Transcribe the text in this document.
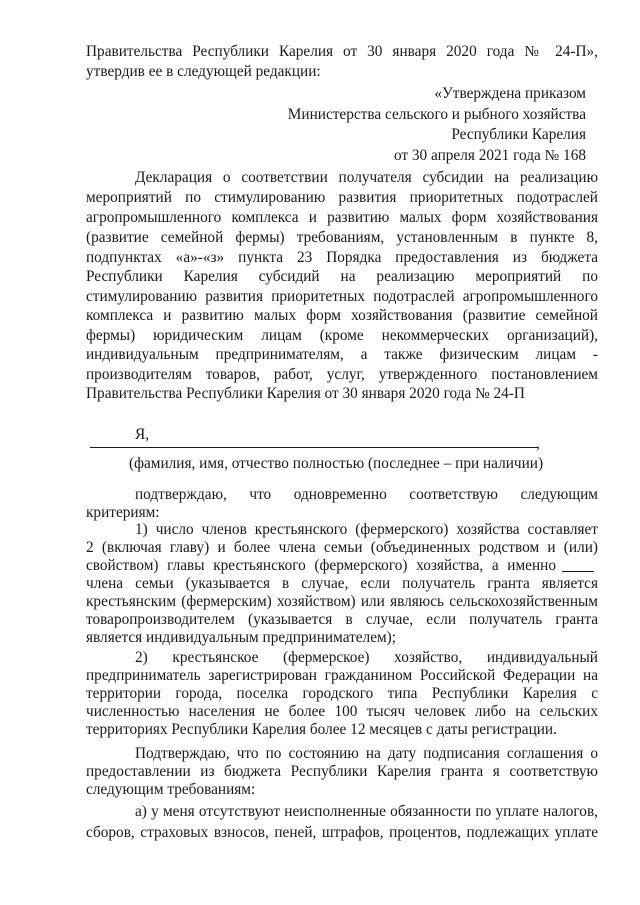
Правительства Республики Карелия от 30 января 2020 года № 24-П»,
утвердив ее в следующей редакции:
«Утверждена приказом
Министерства сельского и рыбного хозяйства
Республики Карелия
от 30 апреля 2021 года № 168
Декларация о соответствии получателя субсидии на реализацию
мероприятий по стимулированию развития приоритетных подотраслей
агропромышленного комплекса и развитию малых форм хозяйствования
(развитие семейной фермы) требованиям, установленным в пункте 8,
подпунктах «а»-«з» пункта 23 Порядка предоставления из бюджета
Республики Карелия субсидий на реализацию мероприятий по
стимулированию развития приоритетных подотраслей агропромышленного
комплекса и развитию малых форм хозяйствования (развитие семейной
фермы) юридическим лицам (кроме некоммерческих организаций),
индивидуальным предпринимателям, а также физическим лицам -
производителям товаров, работ, услуг, утвержденного постановлением
Правительства Республики Карелия от 30 января 2020 года № 24-П
Я,
,
(фамилия, имя, отчество полностью (последнее – при наличии)
подтверждаю, что одновременно соответствую следующим
критериям:
1) число членов крестьянского (фермерского) хозяйства составляет
2 (включая главу) и более члена семьи (объединенных родством и (или)
свойством) главы крестьянского (фермерского) хозяйства, а именно
члена семьи (указывается в случае, если получатель гранта является
крестьянским (фермерским) хозяйством) или являюсь сельскохозяйственным
товаропроизводителем (указывается в случае, если получатель гранта
является индивидуальным предпринимателем);
2) крестьянское (фермерское) хозяйство, индивидуальный
предприниматель зарегистрирован гражданином Российской Федерации на
территории города, поселка городского типа Республики Карелия с
численностью населения не более 100 тысяч человек либо на сельских
территориях Республики Карелия более 12 месяцев с даты регистрации.
Подтверждаю, что по состоянию на дату подписания соглашения о
предоставлении из бюджета Республики Карелия гранта я соответствую
следующим требованиям:
а) у меня отсутствуют неисполненные обязанности по уплате налогов,
сборов, страховых взносов, пеней, штрафов, процентов, подлежащих уплате
